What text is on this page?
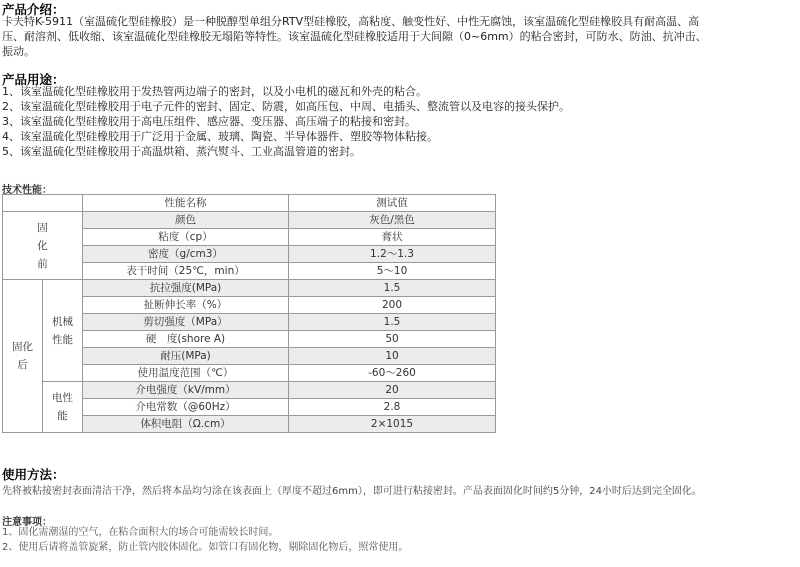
产品介绍：
卡夫特K-5911（室温硫化型硅橡胶）是一种脱醇型单组分RTV型硅橡胶，高粘度、触变性好、中性无腐蚀，该室温硫化型硅橡胶具有耐高温、高
压、耐溶剂、低收缩、该室温硫化型硅橡胶无塌陷等特性。该室温硫化型硅橡胶适用于大间隙（0~6mm）的粘合密封，可防水、防油、抗冲击、
振动。
产品用途：
1、该室温硫化型硅橡胶用于发热管两边端子的密封，以及小电机的磁瓦和外壳的粘合。
2、该室温硫化型硅橡胶用于电子元件的密封、固定、防震，如高压包、中周、电插头、整流管以及电容的接头保护。
3、该室温硫化型硅橡胶用于高电压组件、感应器、变压器、高压端子的粘接和密封。
4、该室温硫化型硅橡胶用于广泛用于金属、玻璃、陶瓷、半导体器件、塑胶等物体粘接。
5、该室温硫化型硅橡胶用于高温烘箱、蒸汽熨斗、工业高温管道的密封。
技术性能：
		性能名称	测试值
固
化
前		颜色	灰色/黑色
		粘度（cp）	膏状
		密度（g/cm3）	1.2～1.3
		表干时间（25℃，min）	5～10
固化
后	机械
性能	抗拉强度(MPa)	1.5
		扯断伸长率（%）	200
		剪切强度（MPa）	1.5
		硬　度(shore A)	50
		耐压(MPa)	10
		使用温度范围（℃）	-60～260
	电性
能	介电强度（kV/mm）	20
		介电常数（@60Hz）	2.8
		体积电阻（Ω.cm）	2×1015
使用方法：
先将被粘接密封表面清洁干净，然后将本品均匀涂在该表面上（厚度不超过6mm），即可进行粘接密封。产品表面固化时间约5分钟，24小时后达到完全固化。
注意事项：
1、固化需潮湿的空气，在粘合面积大的场合可能需较长时间。
2、使用后请将盖管旋紧，防止管内胶体固化。如管口有固化物，剔除固化物后，照常使用。
